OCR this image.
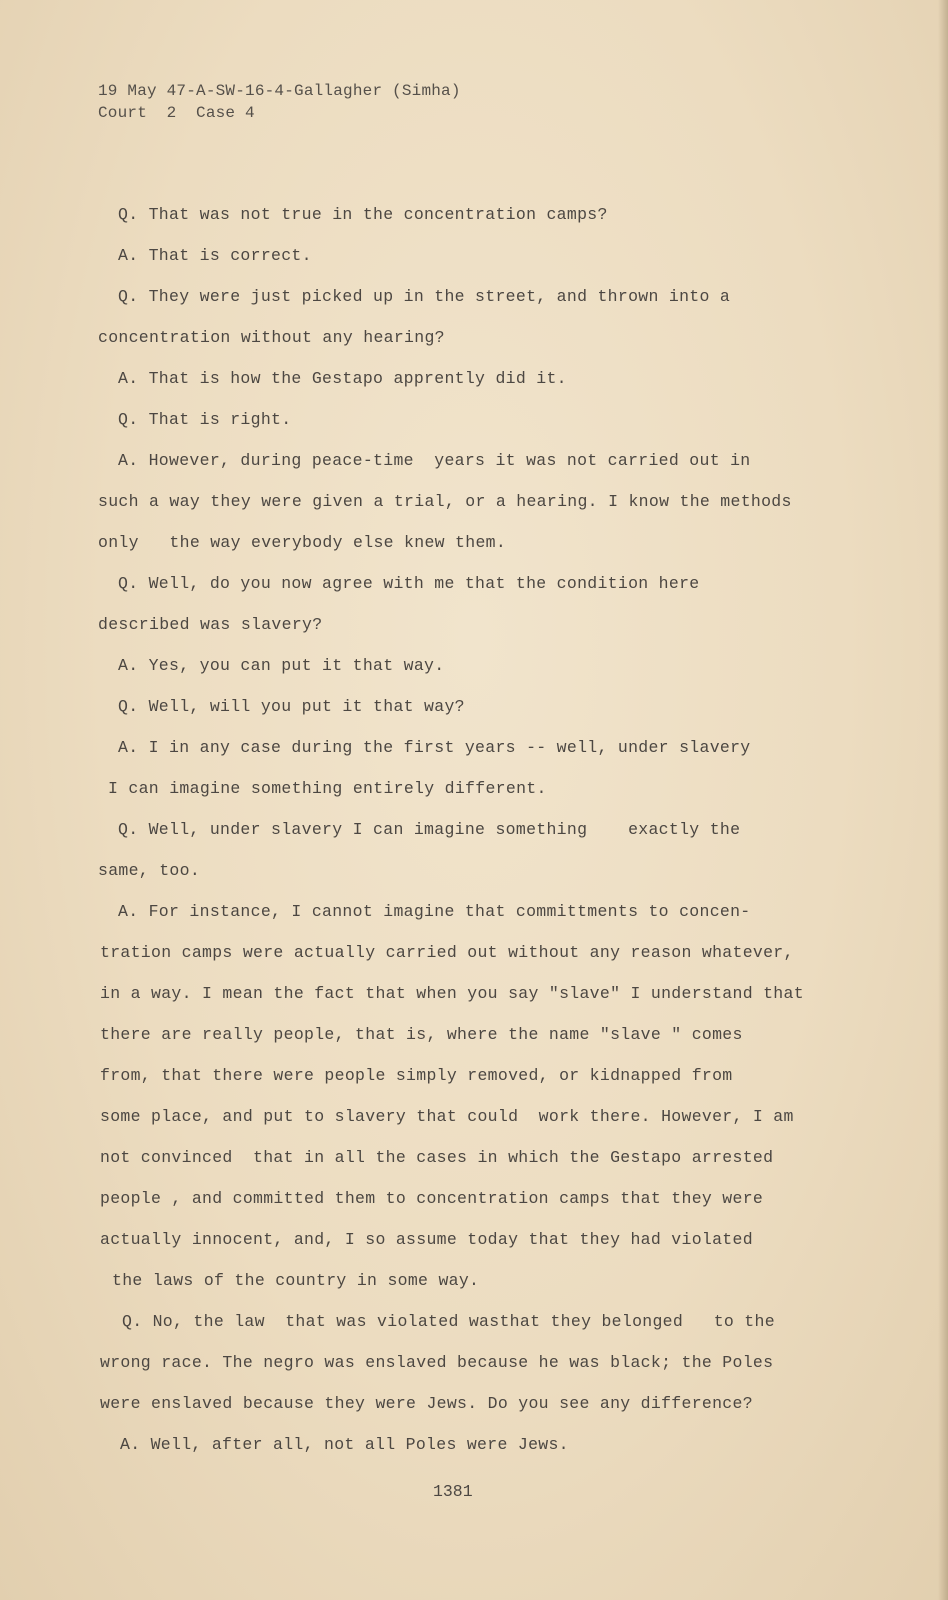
19 May 47-A-SW-16-4-Gallagher (Simha)
Court  2  Case 4
Q. That was not true in the concentration camps?
A. That is correct.
Q. They were just picked up in the street, and thrown into a
concentration without any hearing?
A. That is how the Gestapo apprently did it.
Q. That is right.
A. However, during peace-time  years it was not carried out in
such a way they were given a trial, or a hearing. I know the methods
only   the way everybody else knew them.
Q. Well, do you now agree with me that the condition here
described was slavery?
A. Yes, you can put it that way.
Q. Well, will you put it that way?
A. I in any case during the first years -- well, under slavery
I can imagine something entirely different.
Q. Well, under slavery I can imagine something    exactly the
same, too.
A. For instance, I cannot imagine that committments to concen-
tration camps were actually carried out without any reason whatever,
in a way. I mean the fact that when you say "slave" I understand that
there are really people, that is, where the name "slave " comes
from, that there were people simply removed, or kidnapped from
some place, and put to slavery that could  work there. However, I am
not convinced  that in all the cases in which the Gestapo arrested
people , and committed them to concentration camps that they were
actually innocent, and, I so assume today that they had violated
the laws of the country in some way.
Q. No, the law  that was violated wasthat they belonged   to the
wrong race. The negro was enslaved because he was black; the Poles
were enslaved because they were Jews. Do you see any difference?
A. Well, after all, not all Poles were Jews.
1381
